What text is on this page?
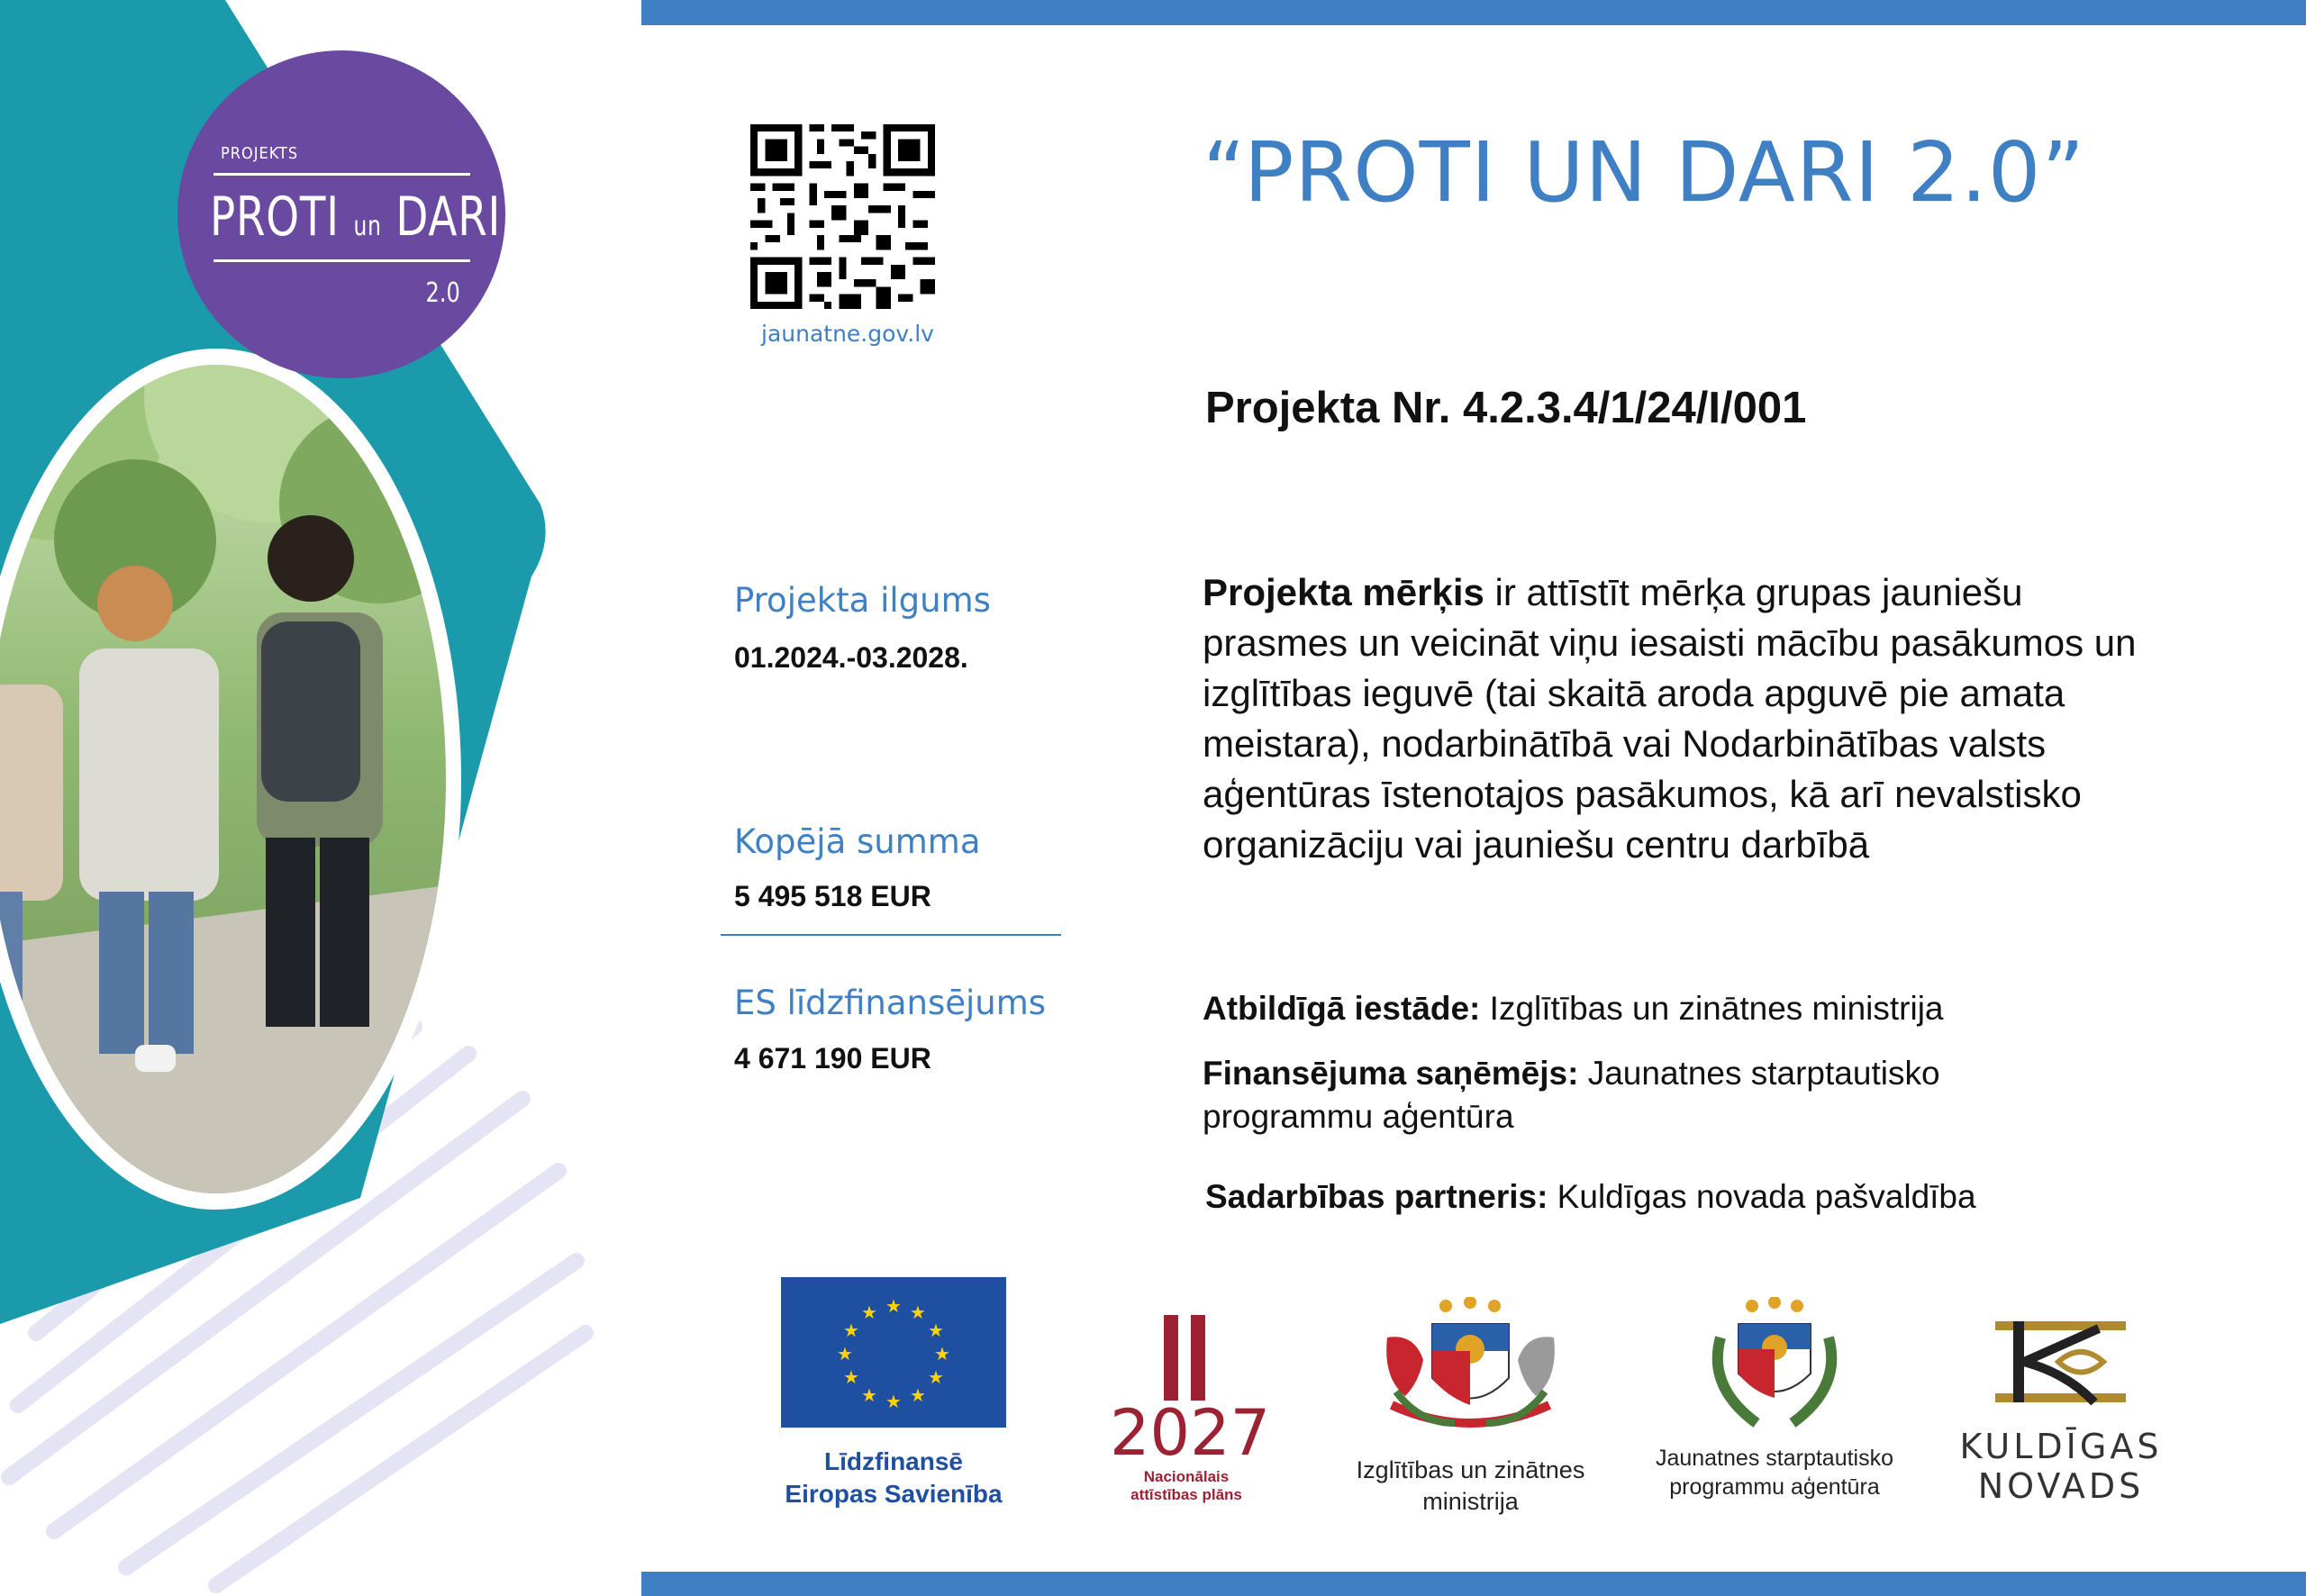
PROJEKTS
PROTI un DARI
2.0
jaunatne.gov.lv
“PROTI UN DARI 2.0”
Projekta Nr. 4.2.3.4/1/24/I/001
Projekta ilgums
01.2024.-03.2028.
Kopējā summa
5 495 518 EUR
ES līdzfinansējums
4 671 190 EUR
Projekta mērķis ir attīstīt mērķa grupas jauniešu prasmes un veicināt viņu iesaisti mācību pasākumos un izglītības ieguvē (tai skaitā aroda apguvē pie amata meistara), nodarbinātībā vai Nodarbinātības valsts aģentūras īstenotajos pasākumos, kā arī nevalstisko organizāciju vai jauniešu centru darbībā
Atbildīgā iestāde: Izglītības un zinātnes ministrija
Finansējuma saņēmējs: Jaunatnes starptautisko programmu aģentūra
Sadarbības partneris: Kuldīgas novada pašvaldība
★ ★
★
★
★
★
★
★
★
★
★
★
Līdzfinansē
Eiropas Savienība
2027
Nacionālais
attīstības plāns
Izglītības un zinātnes
ministrija
Jaunatnes starptautisko
programmu aģentūra
KULDĪGAS
NOVADS
